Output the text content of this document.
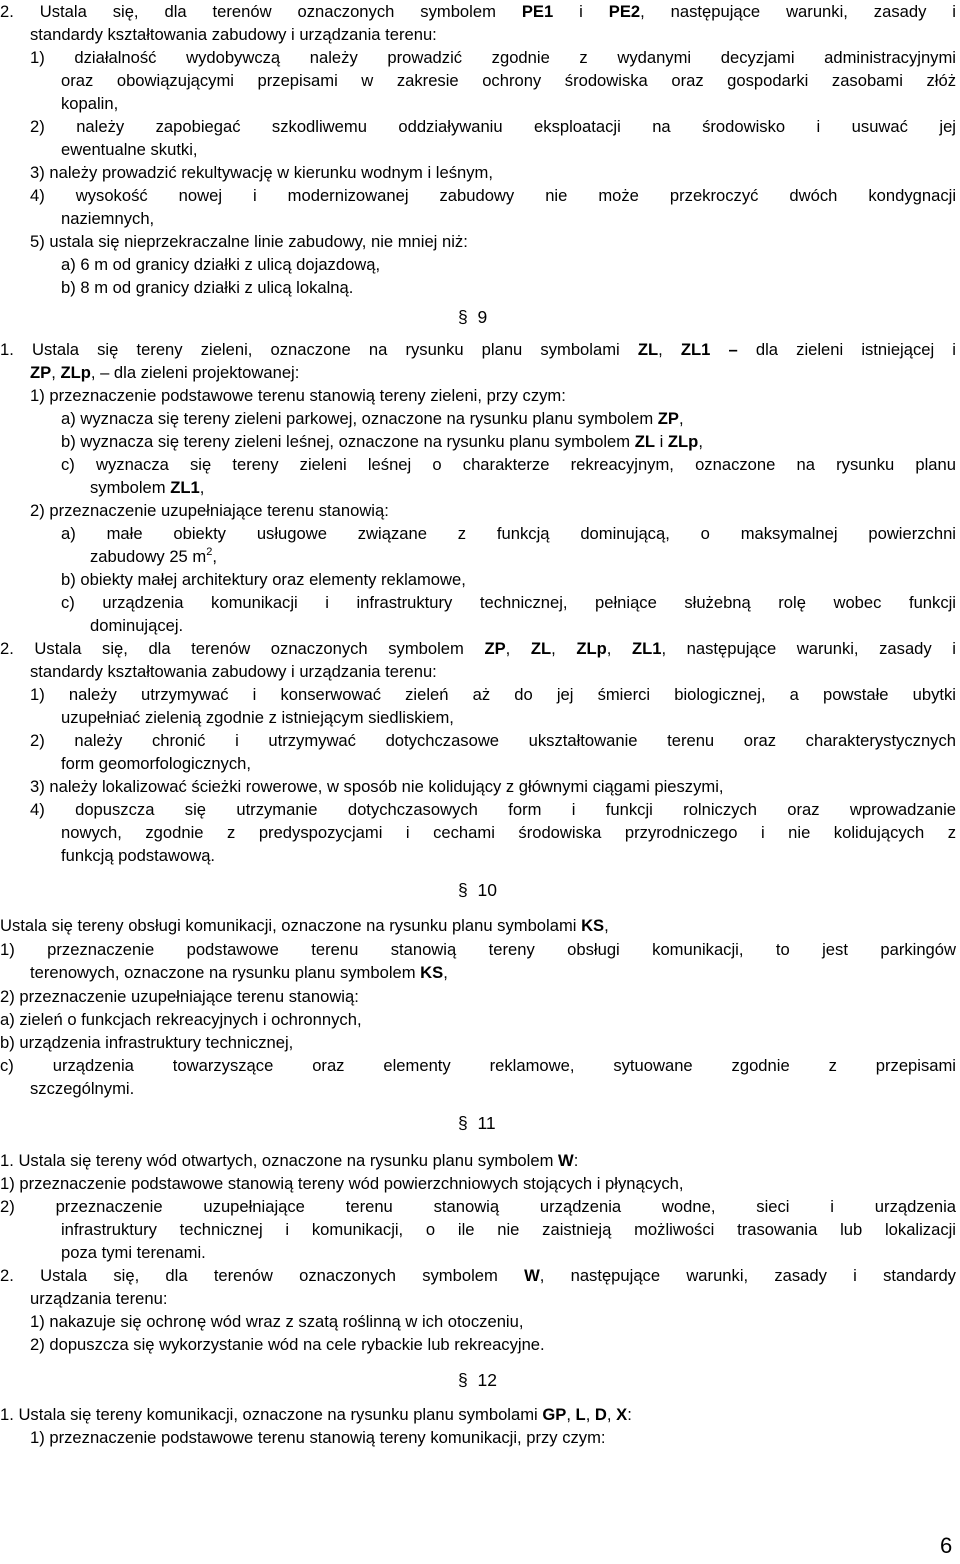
2. Ustala się, dla terenów oznaczonych symbolem PE1 i PE2, następujące warunki, zasady i
standardy kształtowania zabudowy i urządzania terenu:
1) działalność wydobywczą należy prowadzić zgodnie z wydanymi decyzjami administracyjnymi
oraz obowiązującymi przepisami w zakresie ochrony środowiska oraz gospodarki zasobami złóż
kopalin,
2) należy zapobiegać szkodliwemu oddziaływaniu eksploatacji na środowisko i usuwać jej
ewentualne skutki,
3) należy prowadzić rekultywację w kierunku wodnym i leśnym,
4) wysokość nowej i modernizowanej zabudowy nie może przekroczyć dwóch kondygnacji
naziemnych,
5) ustala się nieprzekraczalne linie zabudowy, nie mniej niż:
a) 6 m od granicy działki z ulicą dojazdową,
b) 8 m od granicy działki z ulicą lokalną.
§ 9
1. Ustala się tereny zieleni, oznaczone na rysunku planu symbolami ZL, ZL1 – dla zieleni istniejącej i
ZP, ZLp, – dla zieleni projektowanej:
1) przeznaczenie podstawowe terenu stanowią tereny zieleni, przy czym:
a) wyznacza się tereny zieleni parkowej, oznaczone na rysunku planu symbolem ZP,
b) wyznacza się tereny zieleni leśnej, oznaczone na rysunku planu symbolem ZL i ZLp,
c) wyznacza się tereny zieleni leśnej o charakterze rekreacyjnym, oznaczone na rysunku planu
symbolem ZL1,
2) przeznaczenie uzupełniające terenu stanowią:
a) małe obiekty usługowe związane z funkcją dominującą, o maksymalnej powierzchni
zabudowy 25 $m^2$,
b) obiekty małej architektury oraz elementy reklamowe,
c) urządzenia komunikacji i infrastruktury technicznej, pełniące służebną rolę wobec funkcji
dominującej.
2. Ustala się, dla terenów oznaczonych symbolem ZP, ZL, ZLp, ZL1, następujące warunki, zasady i
standardy kształtowania zabudowy i urządzania terenu:
1) należy utrzymywać i konserwować zieleń aż do jej śmierci biologicznej, a powstałe ubytki
uzupełniać zielenią zgodnie z istniejącym siedliskiem,
2) należy chronić i utrzymywać dotychczasowe ukształtowanie terenu oraz charakterystycznych
form geomorfologicznych,
3) należy lokalizować ścieżki rowerowe, w sposób nie kolidujący z głównymi ciągami pieszymi,
4) dopuszcza się utrzymanie dotychczasowych form i funkcji rolniczych oraz wprowadzanie
nowych, zgodnie z predyspozycjami i cechami środowiska przyrodniczego i nie kolidujących z
funkcją podstawową.
§ 10
Ustala się tereny obsługi komunikacji, oznaczone na rysunku planu symbolami KS,
1) przeznaczenie podstawowe terenu stanowią tereny obsługi komunikacji, to jest parkingów
terenowych, oznaczone na rysunku planu symbolem KS,
2) przeznaczenie uzupełniające terenu stanowią:
a) zieleń o funkcjach rekreacyjnych i ochronnych,
b) urządzenia infrastruktury technicznej,
c) urządzenia towarzyszące oraz elementy reklamowe, sytuowane zgodnie z przepisami
szczególnymi.
§ 11
1. Ustala się tereny wód otwartych, oznaczone na rysunku planu symbolem W:
1) przeznaczenie podstawowe stanowią tereny wód powierzchniowych stojących i płynących,
2) przeznaczenie uzupełniające terenu stanowią urządzenia wodne, sieci i urządzenia
infrastruktury technicznej i komunikacji, o ile nie zaistnieją możliwości trasowania lub lokalizacji
poza tymi terenami.
2. Ustala się, dla terenów oznaczonych symbolem W, następujące warunki, zasady i standardy
urządzania terenu:
1) nakazuje się ochronę wód wraz z szatą roślinną w ich otoczeniu,
2) dopuszcza się wykorzystanie wód na cele rybackie lub rekreacyjne.
§ 12
1. Ustala się tereny komunikacji, oznaczone na rysunku planu symbolami GP, L, D, X:
1) przeznaczenie podstawowe terenu stanowią tereny komunikacji, przy czym:
6
